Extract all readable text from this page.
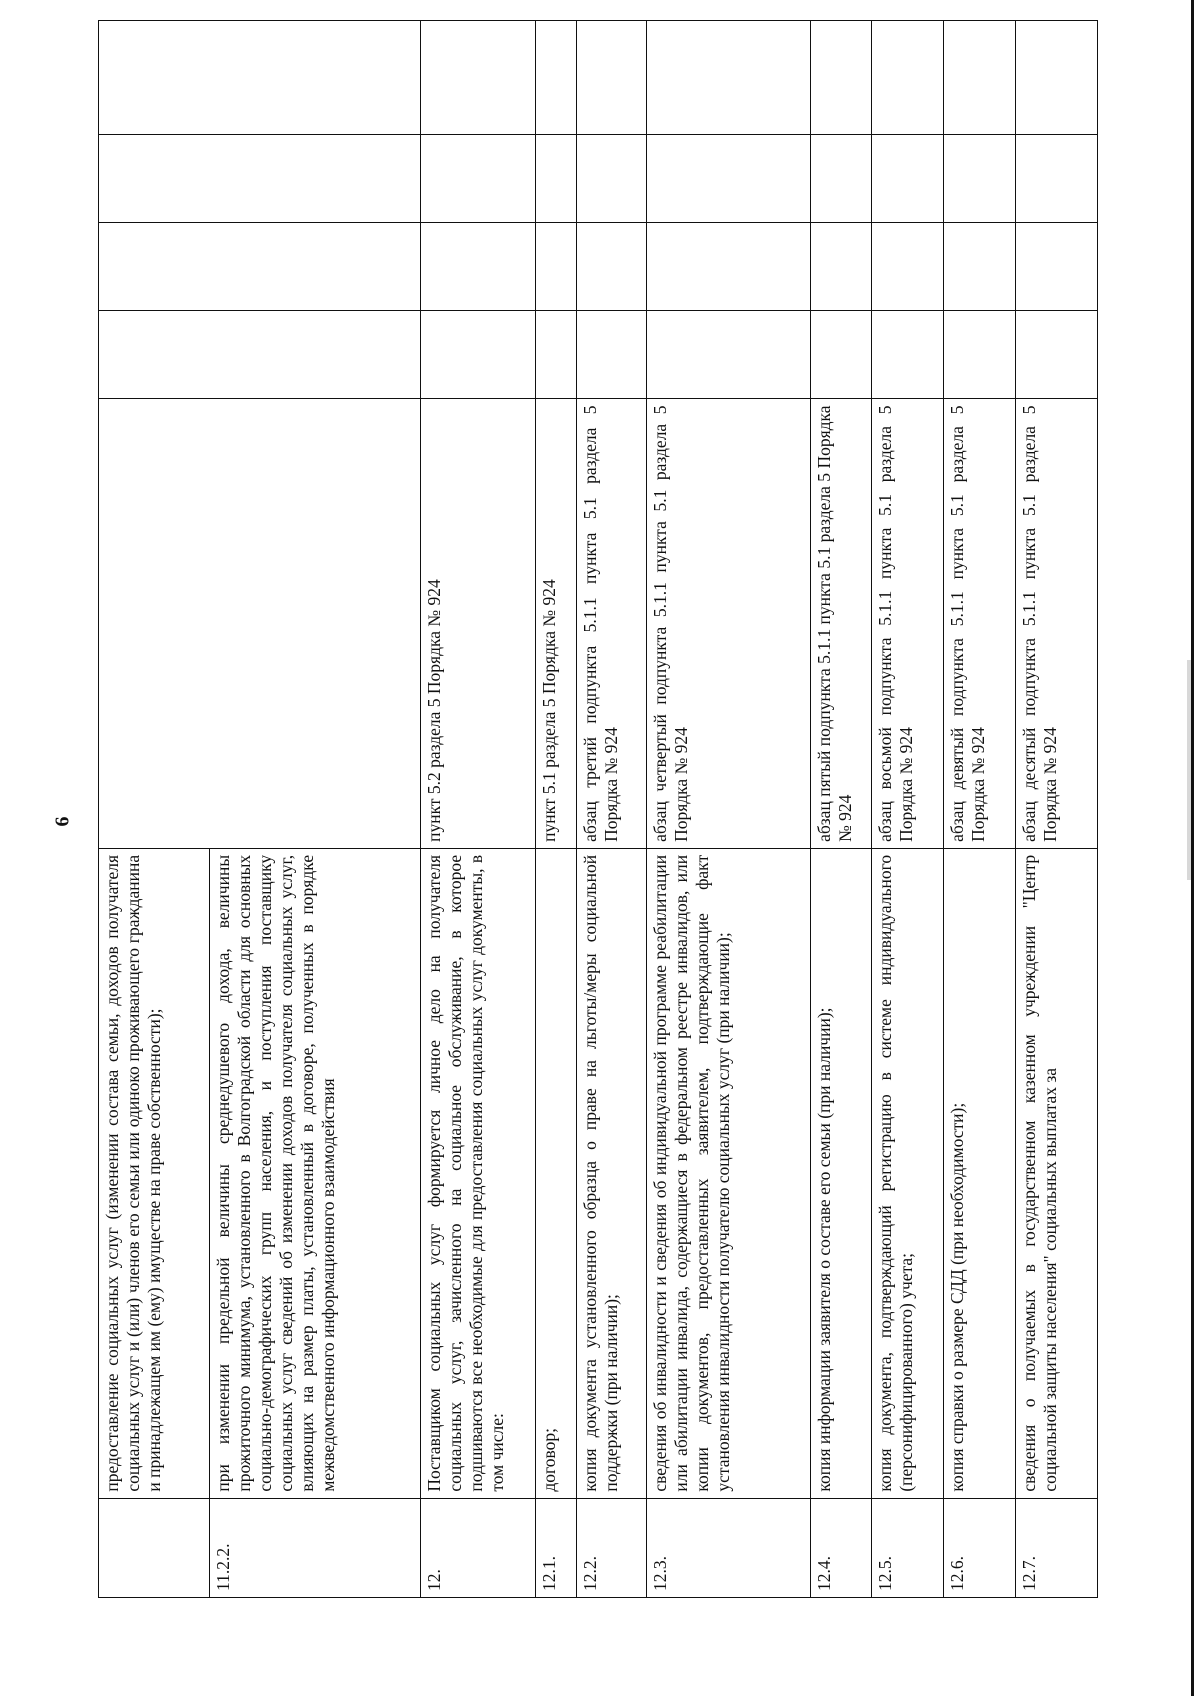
6
	предоставление социальных услуг (изменении состава семьи, доходов получателя социальных услуг и (или) членов его семьи или одиноко проживающего гражданина и принадлежащем им (ему) имуществе на праве собственности);					
11.2.2.	при изменении предельной величины среднедушевого дохода, величины прожиточного минимума, установленного в Волгоградской области для основных социально-демографических групп населения, и поступления поставщику социальных услуг сведений об изменении доходов получателя социальных услуг, влияющих на размер платы, установленный в договоре, полученных в порядке межведомственного информационного взаимодействия					
12.	Поставщиком социальных услуг формируется личное дело на получателя социальных услуг, зачисленного на социальное обслуживание, в которое подшиваются все необходимые для предоставления социальных услуг документы, в том числе:	пункт 5.2 раздела 5 Порядка № 924				
12.1.	договор;	пункт 5.1 раздела 5 Порядка № 924				
12.2.	копия документа установленного образца о праве на льготы/меры социальной поддержки (при наличии);	абзац третий подпункта 5.1.1 пункта 5.1 раздела 5 Порядка № 924				
12.3.	сведения об инвалидности и сведения об индивидуальной программе реабилитации или абилитации инвалида, содержащиеся в федеральном реестре инвалидов, или копии документов, предоставленных заявителем, подтверждающие факт установления инвалидности получателю социальных услуг (при наличии);	абзац четвертый подпункта 5.1.1 пункта 5.1 раздела 5 Порядка № 924				
12.4.	копия информации заявителя о составе его семьи (при наличии);	абзац пятый подпункта 5.1.1 пункта 5.1 раздела 5 Порядка № 924				
12.5.	копия документа, подтверждающий регистрацию в системе индивидуального (персонифицированного) учета;	абзац восьмой подпункта 5.1.1 пункта 5.1 раздела 5 Порядка № 924				
12.6.	копия справки о размере СДД (при необходимости);	абзац девятый подпункта 5.1.1 пункта 5.1 раздела 5 Порядка № 924				
12.7.	сведения о получаемых в государственном казенном учреждении "Центр социальной защиты населения" социальных выплатах за	абзац десятый подпункта 5.1.1 пункта 5.1 раздела 5 Порядка № 924				
